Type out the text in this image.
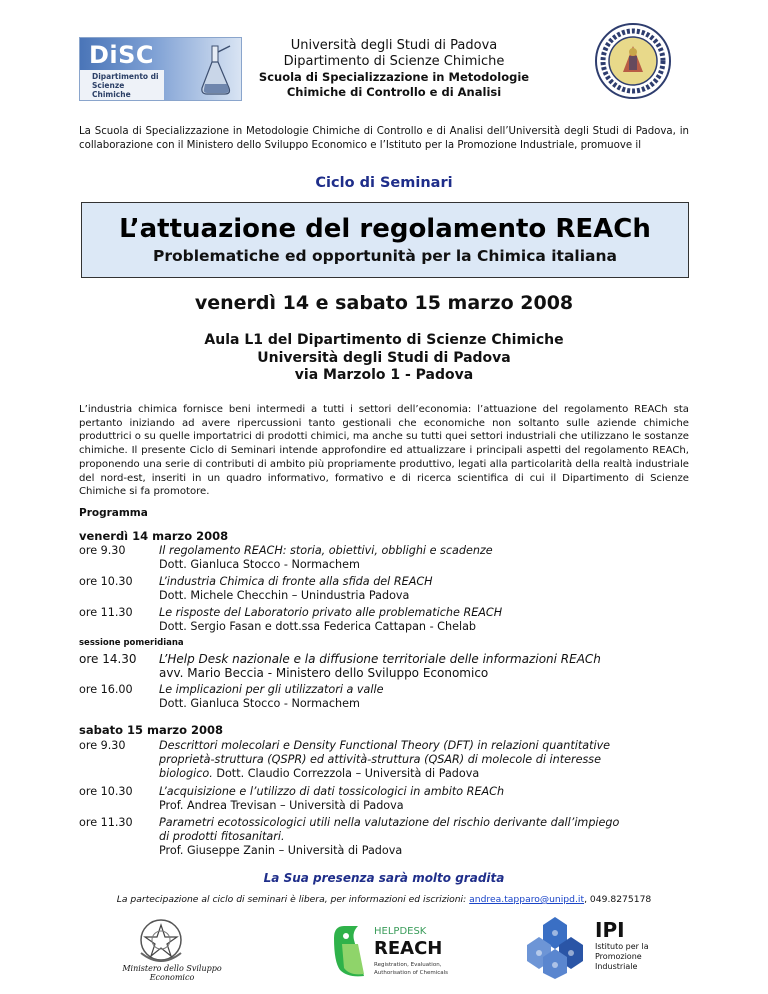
DiSC
Dipartimento di
Scienze
Chimiche
Università degli Studi di Padova
Dipartimento di Scienze Chimiche
Scuola di Specializzazione in Metodologie
Chimiche di Controllo e di Analisi
La Scuola di Specializzazione in Metodologie Chimiche di Controllo e di Analisi dell’Università degli Studi di Padova, in collaborazione con il Ministero dello Sviluppo Economico e l’Istituto per la Promozione Industriale, promuove il
Ciclo di Seminari
L’attuazione del regolamento REACh
Problematiche ed opportunità per la Chimica italiana
venerdì 14 e sabato 15 marzo 2008
Aula L1 del Dipartimento di Scienze Chimiche
Università degli Studi di Padova
via Marzolo 1 - Padova
L’industria chimica fornisce beni intermedi a tutti i settori dell’economia: l’attuazione del regolamento REACh sta pertanto iniziando ad avere ripercussioni tanto gestionali che economiche non soltanto sulle aziende chimiche produttrici o su quelle importatrici di prodotti chimici, ma anche su tutti quei settori industriali che utilizzano le sostanze chimiche. Il presente Ciclo di Seminari intende approfondire ed attualizzare i principali aspetti del regolamento REACh, proponendo una serie di contributi di ambito più propriamente produttivo, legati alla particolarità della realtà industriale del nord-est, inseriti in un quadro informativo, formativo e di ricerca scientifica di cui il Dipartimento di Scienze Chimiche si fa promotore.
Programma
venerdì 14 marzo 2008
ore 9.30	Il regolamento REACH: storia, obiettivi, obblighi e scadenze
Dott. Gianluca Stocco - Normachem
ore 10.30	L’industria Chimica di fronte alla sfida del REACH
Dott. Michele Checchin – Unindustria Padova
ore 11.30	Le risposte del Laboratorio privato alle problematiche REACH
Dott. Sergio Fasan e dott.ssa Federica Cattapan - Chelab
sessione pomeridiana
ore 14.30	L’Help Desk nazionale e la diffusione territoriale delle informazioni REACh
avv. Mario Beccia - Ministero dello Sviluppo Economico
ore 16.00	Le implicazioni per gli utilizzatori a valle
Dott. Gianluca Stocco - Normachem
sabato 15 marzo 2008
ore 9.30	Descrittori molecolari e Density Functional Theory (DFT) in relazioni quantitative
proprietà-struttura (QSPR) ed attività-struttura (QSAR) di molecole di interesse
biologico. Dott. Claudio Correzzola – Università di Padova
ore 10.30	L’acquisizione e l’utilizzo di dati tossicologici in ambito REACh
Prof. Andrea Trevisan – Università di Padova
ore 11.30	Parametri ecotossicologici utili nella valutazione del rischio derivante dall’impiego
di prodotti fitosanitari.
Prof. Giuseppe Zanin – Università di Padova
La Sua presenza sarà molto gradita
La partecipazione al ciclo di seminari è libera, per informazioni ed iscrizioni: andrea.tapparo@unipd.it, 049.8275178
Ministero dello Sviluppo Economico
HELPDESK
REACH
Registration, Evaluation,
Authorisation of Chemicals
IPI
Istituto per la
Promozione
Industriale
